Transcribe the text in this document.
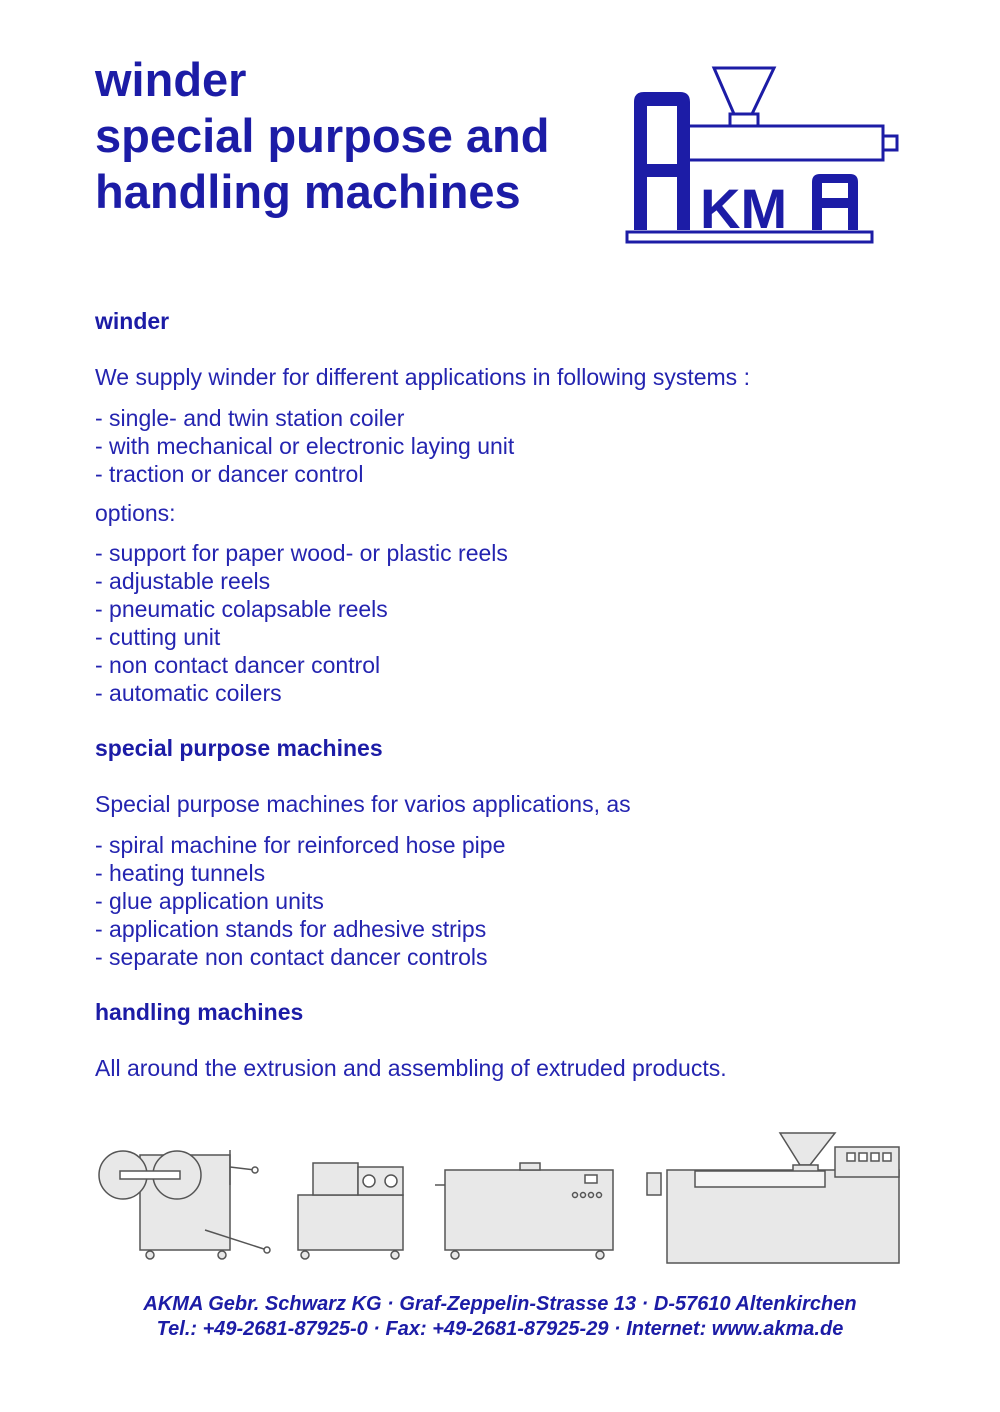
winder
special purpose and
handling machines	KM
winder
We supply winder for different applications in following systems :
- single- and twin station coiler
- with mechanical or electronic laying unit
- traction or dancer control
options:
- support for paper wood- or plastic reels
- adjustable reels
- pneumatic colapsable reels
- cutting unit
- non contact dancer control
- automatic coilers
special purpose machines
Special purpose machines for varios applications, as
- spiral machine for reinforced hose pipe
- heating tunnels
- glue application units
- application stands for adhesive strips
- separate non contact dancer controls
handling machines
All around the extrusion and assembling of extruded products.
AKMA Gebr. Schwarz KG · Graf-Zeppelin-Strasse 13 · D-57610 Altenkirchen
Tel.: +49-2681-87925-0 · Fax: +49-2681-87925-29 · Internet: www.akma.de
